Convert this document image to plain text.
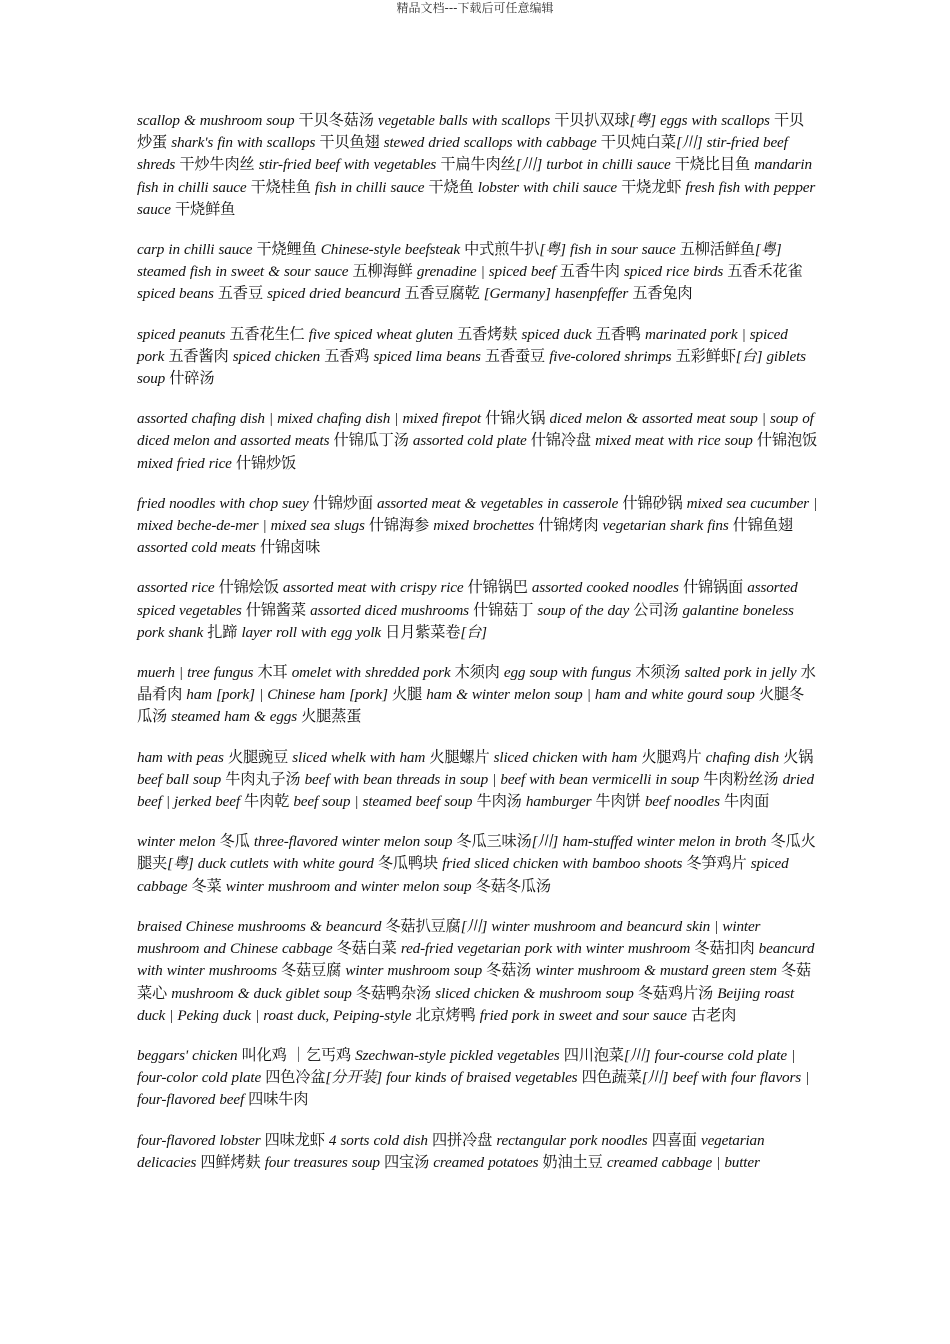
精品文档---下载后可任意编辑

scallop & mushroom soup 干贝冬菇汤 vegetable balls with scallops 干贝扒双球[粤] eggs with scallops 干贝炒蛋 shark's fin with scallops 干贝鱼翅 stewed dried scallops with cabbage 干贝炖白菜[川] stir-fried beef shreds 干炒牛肉丝 stir-fried beef with vegetables 干扁牛肉丝[川] turbot in chilli sauce 干烧比目鱼 mandarin fish in chilli sauce 干烧桂鱼 fish in chilli sauce 干烧鱼 lobster with chili sauce 干烧龙虾 fresh fish with pepper sauce 干烧鲜鱼

carp in chilli sauce 干烧鲤鱼 Chinese-style beefsteak 中式煎牛扒[粤] fish in sour sauce 五柳活鲜鱼[粤] steamed fish in sweet & sour sauce 五柳海鲜 grenadine | spiced beef 五香牛肉 spiced rice birds 五香禾花雀 spiced beans 五香豆 spiced dried beancurd 五香豆腐乾 [Germany] hasenpfeffer 五香兔肉

spiced peanuts 五香花生仁 five spiced wheat gluten 五香烤麸 spiced duck 五香鸭 marinated pork | spiced pork 五香酱肉 spiced chicken 五香鸡 spiced lima beans 五香蚕豆 five-colored shrimps 五彩鲜虾[台] giblets soup 什碎汤

assorted chafing dish | mixed chafing dish | mixed firepot 什锦火锅 diced melon & assorted meat soup | soup of diced melon and assorted meats 什锦瓜丁汤 assorted cold plate 什锦冷盘 mixed meat with rice soup 什锦泡饭 mixed fried rice 什锦炒饭

fried noodles with chop suey 什锦炒面 assorted meat & vegetables in casserole 什锦砂锅 mixed sea cucumber | mixed beche-de-mer | mixed sea slugs 什锦海参 mixed brochettes 什锦烤肉 vegetarian shark fins 什锦鱼翅 assorted cold meats 什锦卤味

assorted rice 什锦烩饭 assorted meat with crispy rice 什锦锅巴 assorted cooked noodles 什锦锅面 assorted spiced vegetables 什锦酱菜 assorted diced mushrooms 什锦菇丁 soup of the day 公司汤 galantine boneless pork shank 扎蹄 layer roll with egg yolk 日月紫菜卷[台]

muerh | tree fungus 木耳 omelet with shredded pork 木须肉 egg soup with fungus 木须汤 salted pork in jelly 水晶肴肉 ham [pork] | Chinese ham [pork] 火腿 ham & winter melon soup | ham and white gourd soup 火腿冬瓜汤 steamed ham & eggs 火腿蒸蛋

ham with peas 火腿豌豆 sliced whelk with ham 火腿螺片 sliced chicken with ham 火腿鸡片 chafing dish 火锅 beef ball soup 牛肉丸子汤 beef with bean threads in soup | beef with bean vermicelli in soup 牛肉粉丝汤 dried beef | jerked beef 牛肉乾 beef soup | steamed beef soup 牛肉汤 hamburger 牛肉饼 beef noodles 牛肉面

winter melon 冬瓜 three-flavored winter melon soup 冬瓜三味汤[川] ham-stuffed winter melon in broth 冬瓜火腿夹[粤] duck cutlets with white gourd 冬瓜鸭块 fried sliced chicken with bamboo shoots 冬笋鸡片 spiced cabbage 冬菜 winter mushroom and winter melon soup 冬菇冬瓜汤

braised Chinese mushrooms & beancurd 冬菇扒豆腐[川] winter mushroom and beancurd skin | winter mushroom and Chinese cabbage 冬菇白菜 red-fried vegetarian pork with winter mushroom 冬菇扣肉 beancurd with winter mushrooms 冬菇豆腐 winter mushroom soup 冬菇汤 winter mushroom & mustard green stem 冬菇菜心 mushroom & duck giblet soup 冬菇鸭杂汤 sliced chicken & mushroom soup 冬菇鸡片汤 Beijing roast duck | Peking duck | roast duck, Peiping-style 北京烤鸭 fried pork in sweet and sour sauce 古老肉

beggars' chicken 叫化鸡 ｜乞丐鸡 Szechwan-style pickled vegetables 四川泡菜[川] four-course cold plate | four-color cold plate 四色冷盆[分开装] four kinds of braised vegetables 四色蔬菜[川] beef with four flavors | four-flavored beef 四味牛肉

four-flavored lobster 四味龙虾 4 sorts cold dish 四拼冷盘 rectangular pork noodles 四喜面 vegetarian delicacies 四鲜烤麸 four treasures soup 四宝汤 creamed potatoes 奶油土豆 creamed cabbage | butter
